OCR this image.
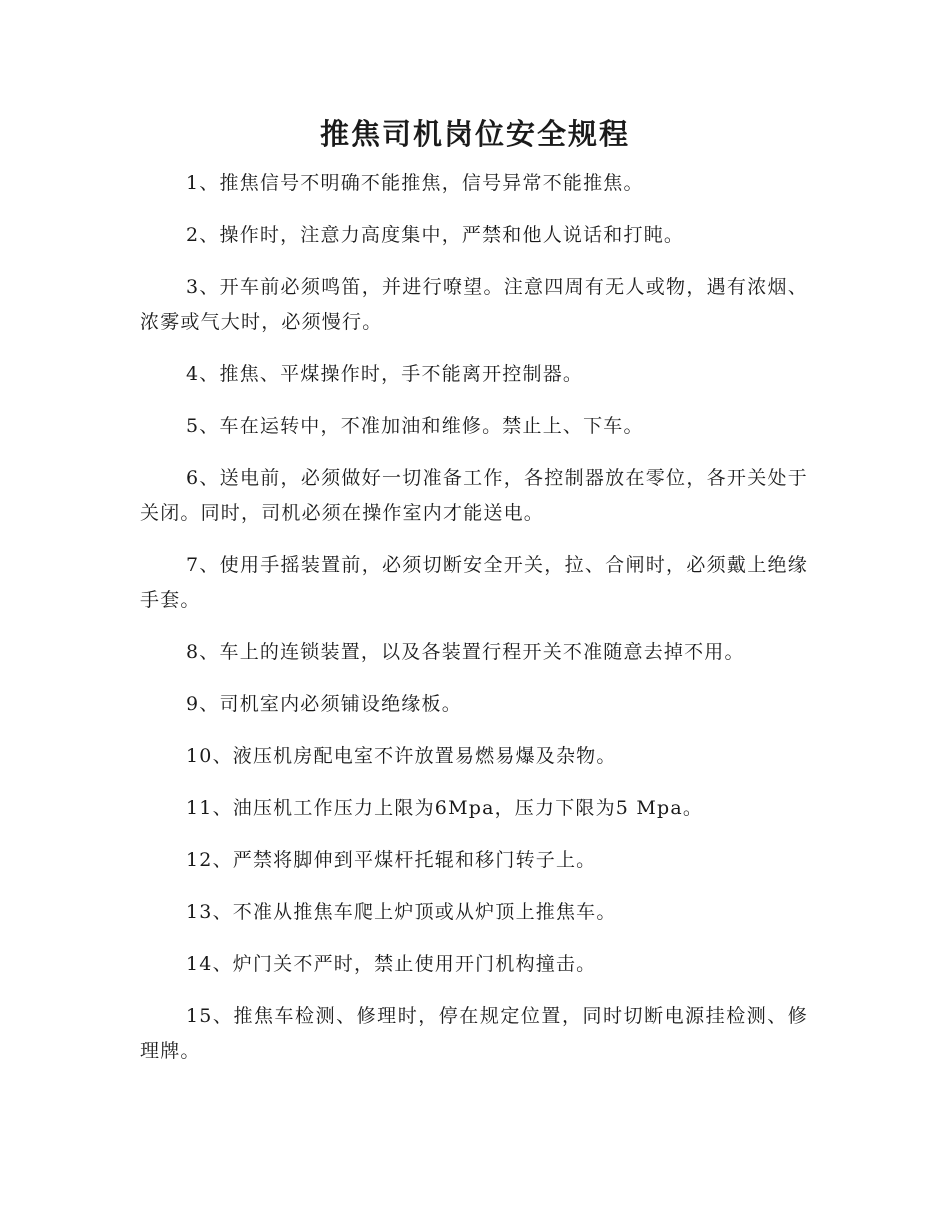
推焦司机岗位安全规程

1、推焦信号不明确不能推焦，信号异常不能推焦。

2、操作时，注意力高度集中，严禁和他人说话和打盹。

3、开车前必须鸣笛，并进行嘹望。注意四周有无人或物，遇有浓烟、浓雾或气大时，必须慢行。

4、推焦、平煤操作时，手不能离开控制器。

5、车在运转中，不准加油和维修。禁止上、下车。

6、送电前，必须做好一切准备工作，各控制器放在零位，各开关处于关闭。同时，司机必须在操作室内才能送电。

7、使用手摇装置前，必须切断安全开关，拉、合闸时，必须戴上绝缘手套。

8、车上的连锁装置，以及各装置行程开关不准随意去掉不用。

9、司机室内必须铺设绝缘板。

10、液压机房配电室不许放置易燃易爆及杂物。

11、油压机工作压力上限为6Mpa，压力下限为5 Mpa。

12、严禁将脚伸到平煤杆托辊和移门转子上。

13、不准从推焦车爬上炉顶或从炉顶上推焦车。

14、炉门关不严时，禁止使用开门机构撞击。

15、推焦车检测、修理时，停在规定位置，同时切断电源挂检测、修理牌。
